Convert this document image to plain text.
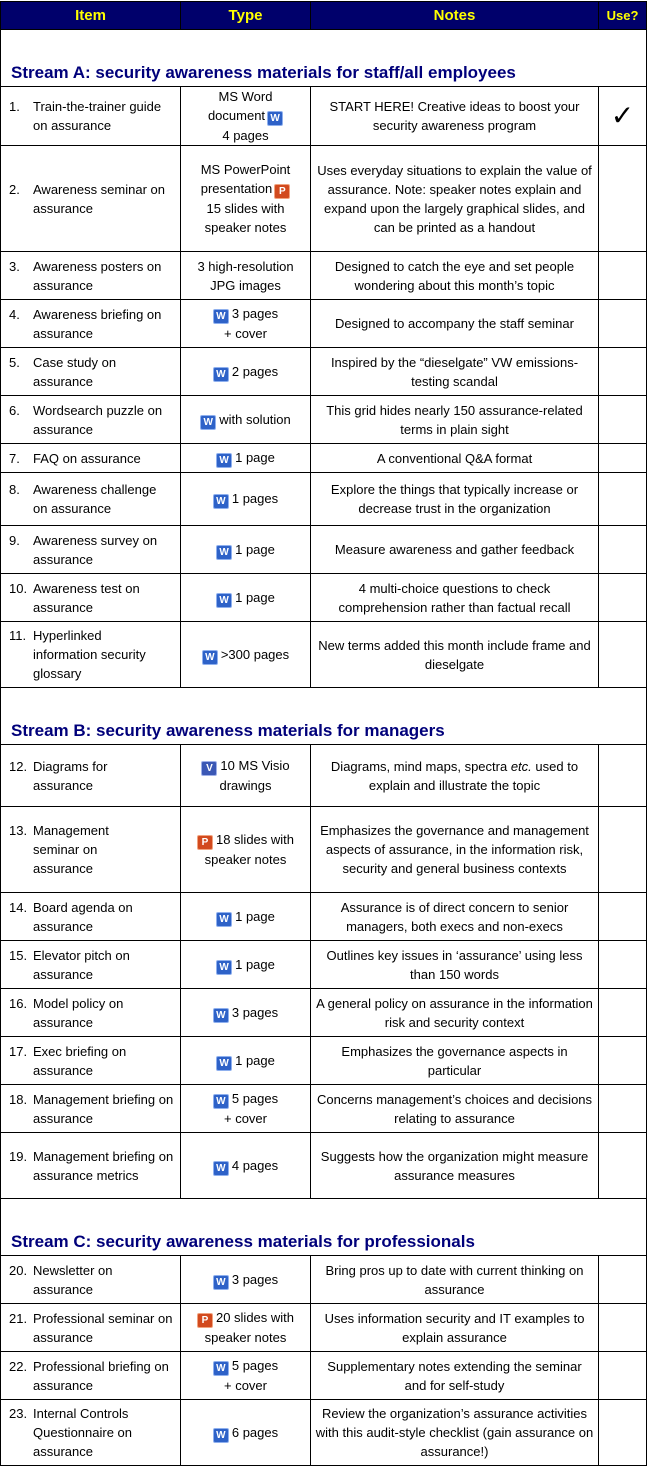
Item	Type	Notes	Use?
Stream A: security awareness materials for staff/all employees			
1. Train-the-trainer guide on assurance	MS Word
document W
4 pages	START HERE! Creative ideas to boost your security awareness program	✓
2. Awareness seminar on assurance	MS PowerPoint
presentation P
15 slides with speaker notes	Uses everyday situations to explain the value of assurance. Note: speaker notes explain and expand upon the largely graphical slides, and can be printed as a handout	
3. Awareness posters on assurance	3 high-resolution JPG images	Designed to catch the eye and set people wondering about this month’s topic	
4. Awareness briefing on assurance	W 3 pages
+ cover	Designed to accompany the staff seminar	
5. Case study on assurance	W 2 pages	Inspired by the “dieselgate” VW emissions-testing scandal	
6. Wordsearch puzzle on assurance	W with solution	This grid hides nearly 150 assurance-related terms in plain sight	
7. FAQ on assurance	W 1 page	A conventional Q&A format	
8. Awareness challenge on assurance	W 1 pages	Explore the things that typically increase or decrease trust in the organization	
9. Awareness survey on assurance	W 1 page	Measure awareness and gather feedback	
10. Awareness test on assurance	W 1 page	4 multi-choice questions to check comprehension rather than factual recall	
11. Hyperlinked information security glossary	W >300 pages	New terms added this month include frame and dieselgate	
Stream B: security awareness materials for managers			
12. Diagrams for assurance	V 10 MS Visio
drawings	Diagrams, mind maps, spectra etc. used to explain and illustrate the topic	
13. Management seminar on assurance	P 18 slides with
speaker notes	Emphasizes the governance and management aspects of assurance, in the information risk, security and general business contexts	
14. Board agenda on assurance	W 1 page	Assurance is of direct concern to senior managers, both execs and non-execs	
15. Elevator pitch on assurance	W 1 page	Outlines key issues in ‘assurance’ using less than 150 words	
16. Model policy on assurance	W 3 pages	A general policy on assurance in the information risk and security context	
17. Exec briefing on assurance	W 1 page	Emphasizes the governance aspects in particular	
18. Management briefing on assurance	W 5 pages
+ cover	Concerns management’s choices and decisions relating to assurance	
19. Management briefing on assurance metrics	W 4 pages	Suggests how the organization might measure assurance measures	
Stream C: security awareness materials for professionals			
20. Newsletter on assurance	W 3 pages	Bring pros up to date with current thinking on assurance	
21. Professional seminar on assurance	P 20 slides with
speaker notes	Uses information security and IT examples to explain assurance	
22. Professional briefing on assurance	W 5 pages
+ cover	Supplementary notes extending the seminar and for self-study	
23. Internal Controls Questionnaire on assurance	W 6 pages	Review the organization’s assurance activities with this audit-style checklist (gain assurance on assurance!)	
